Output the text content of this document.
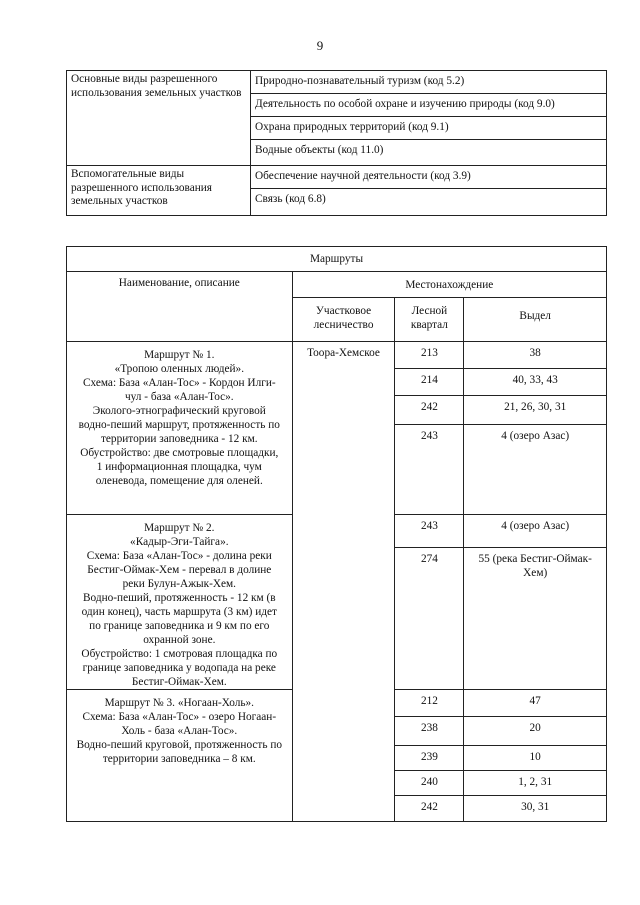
9
Основные виды разрешенного использования земельных участков	Природно-познавательный туризм (код 5.2)
	Деятельность по особой охране и изучению природы (код 9.0)
	Охрана природных территорий (код 9.1)
	Водные объекты (код 11.0)
Вспомогательные виды разрешенного использования земельных участков	Обеспечение научной деятельности (код 3.9)
	Связь (код 6.8)
Маршруты			
Наименование, описание	Местонахождение		
	Участковое лесничество	Лесной квартал	Выдел

Маршрут № 1.
«Тропою оленных людей».
Схема: База «Алан-Тос» - Кордон Илги-чул - база «Алан-Тос».
Эколого-этнографический круговой водно-пеший маршрут, протяженность по территории заповедника - 12 км.
Обустройство: две смотровые площадки, 1 информационная площадка, чум оленевода, помещение для оленей.	Тоора-Хемское	213	38
		214	40, 33, 43
		242	21, 26, 30, 31
		243	4 (озеро Азас)

Маршрут № 2.
«Кадыр-Эги-Тайга».
Схема: База «Алан-Тос» - долина реки Бестиг-Оймак-Хем - перевал в долине реки Булун-Ажык-Хем.
Водно-пеший, протяженность - 12 км (в один конец), часть маршрута (3 км) идет по границе заповедника и 9 км по его охранной зоне.
Обустройство: 1 смотровая площадка по границе заповедника у водопада на реке Бестиг-Оймак-Хем.		243	4 (озеро Азас)
		274	55 (река Бестиг-Оймак-Хем)

Маршрут № 3. «Ногаан-Холь».
Схема: База «Алан-Тос» - озеро Ногаан-Холь - база «Алан-Тос».
Водно-пеший круговой, протяженность по территории заповедника – 8 км.		212	47
		238	20
		239	10
		240	1, 2, 31
		242	30, 31
